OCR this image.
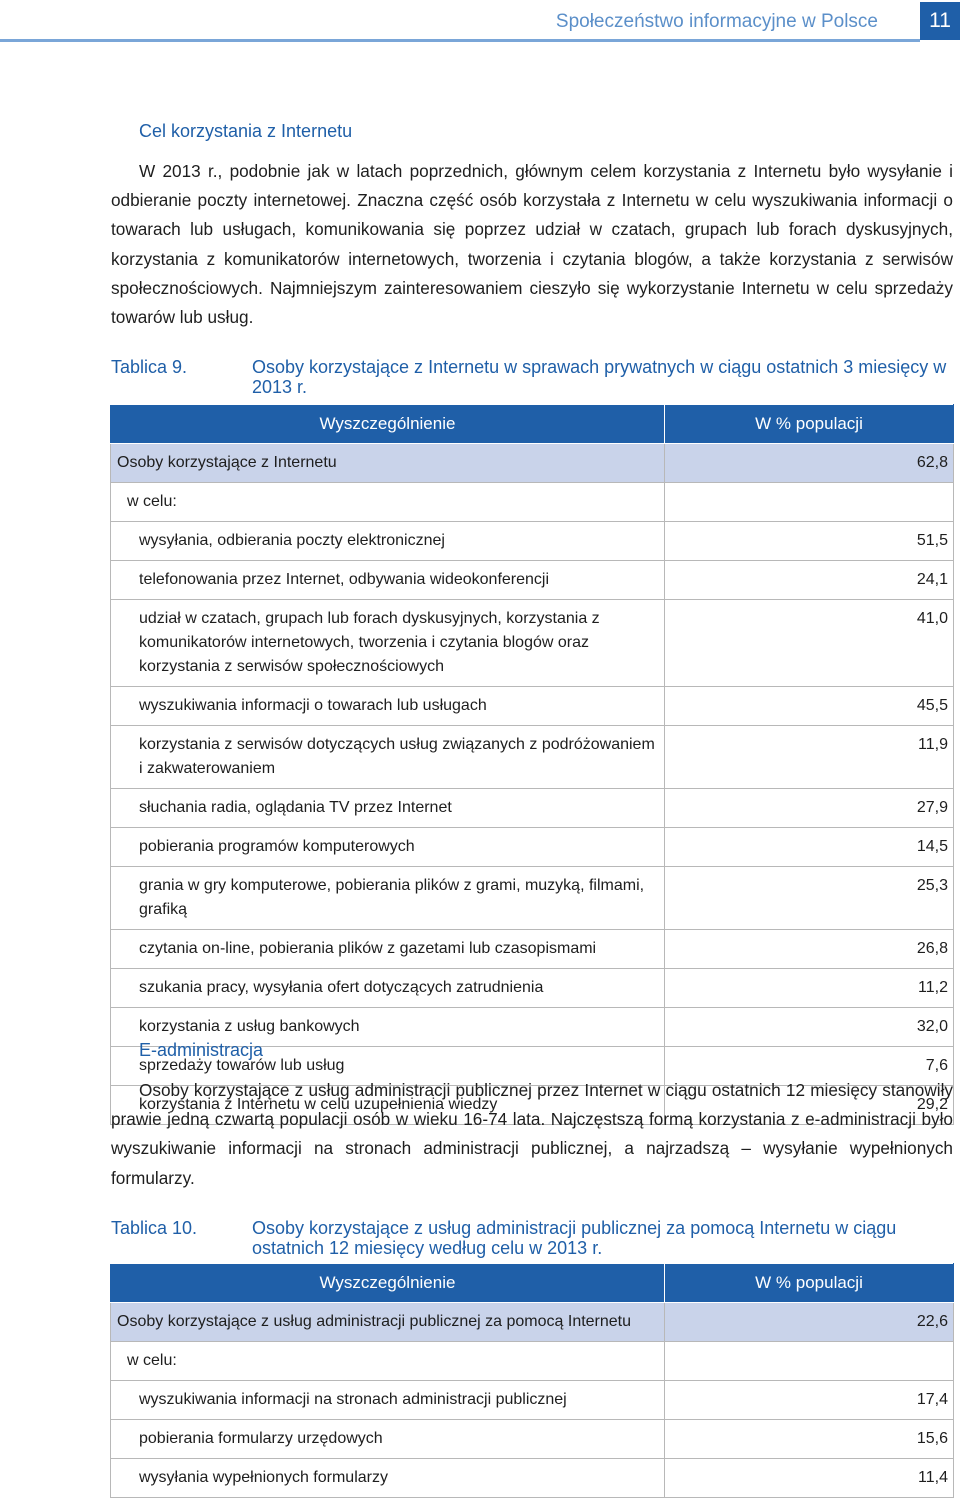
Społeczeństwo informacyjne w Polsce	11
Cel korzystania z Internetu

W 2013 r., podobnie jak w latach poprzednich, głównym celem korzystania z Internetu było wysyłanie i odbieranie poczty internetowej. Znaczna część osób korzystała z Internetu w celu wyszukiwania informacji o towarach lub usługach, komunikowania się poprzez udział w czatach, grupach lub forach dyskusyjnych, korzystania z komunikatorów internetowych, tworzenia i czytania blogów, a także korzystania z serwisów społecznościowych. Najmniejszym zainteresowaniem cieszyło się wykorzystanie Internetu w celu sprzedaży towarów lub usług.

Tablica 9.	Osoby korzystające z Internetu w sprawach prywatnych w ciągu ostatnich 3 miesięcy w 2013 r.
Wyszczególnienie	W % populacji
Osoby korzystające z Internetu	62,8
w celu:	
wysyłania, odbierania poczty elektronicznej	51,5
telefonowania przez Internet, odbywania wideokonferencji	24,1
udział w czatach, grupach lub forach dyskusyjnych, korzystania z komunikatorów internetowych, tworzenia i czytania blogów oraz korzystania z serwisów społecznościowych	41,0
wyszukiwania informacji o towarach lub usługach	45,5
korzystania z serwisów dotyczących usług związanych z podróżowaniem i zakwaterowaniem	11,9
słuchania radia, oglądania TV przez Internet	27,9
pobierania programów komputerowych	14,5
grania w gry komputerowe, pobierania plików z grami, muzyką, filmami, grafiką	25,3
czytania on-line, pobierania plików z gazetami lub czasopismami	26,8
szukania pracy, wysyłania ofert dotyczących zatrudnienia	11,2
korzystania z usług bankowych	32,0
sprzedaży towarów lub usług	7,6
korzystania z Internetu w celu uzupełnienia wiedzy	29,2
E-administracja

Osoby korzystające z usług administracji publicznej przez Internet w ciągu ostatnich 12 miesięcy stanowiły prawie jedną czwartą populacji osób w wieku 16-74 lata. Najczęstszą formą korzystania z e-administracji było wyszukiwanie informacji na stronach administracji publicznej, a najrzadszą – wysyłanie wypełnionych formularzy.

Tablica 10.	Osoby korzystające z usług administracji publicznej za pomocą Internetu w ciągu ostatnich 12 miesięcy według celu w 2013 r.
Wyszczególnienie	W % populacji
Osoby korzystające z usług administracji publicznej za pomocą Internetu	22,6
w celu:	
wyszukiwania informacji na stronach administracji publicznej	17,4
pobierania formularzy urzędowych	15,6
wysyłania wypełnionych formularzy	11,4
